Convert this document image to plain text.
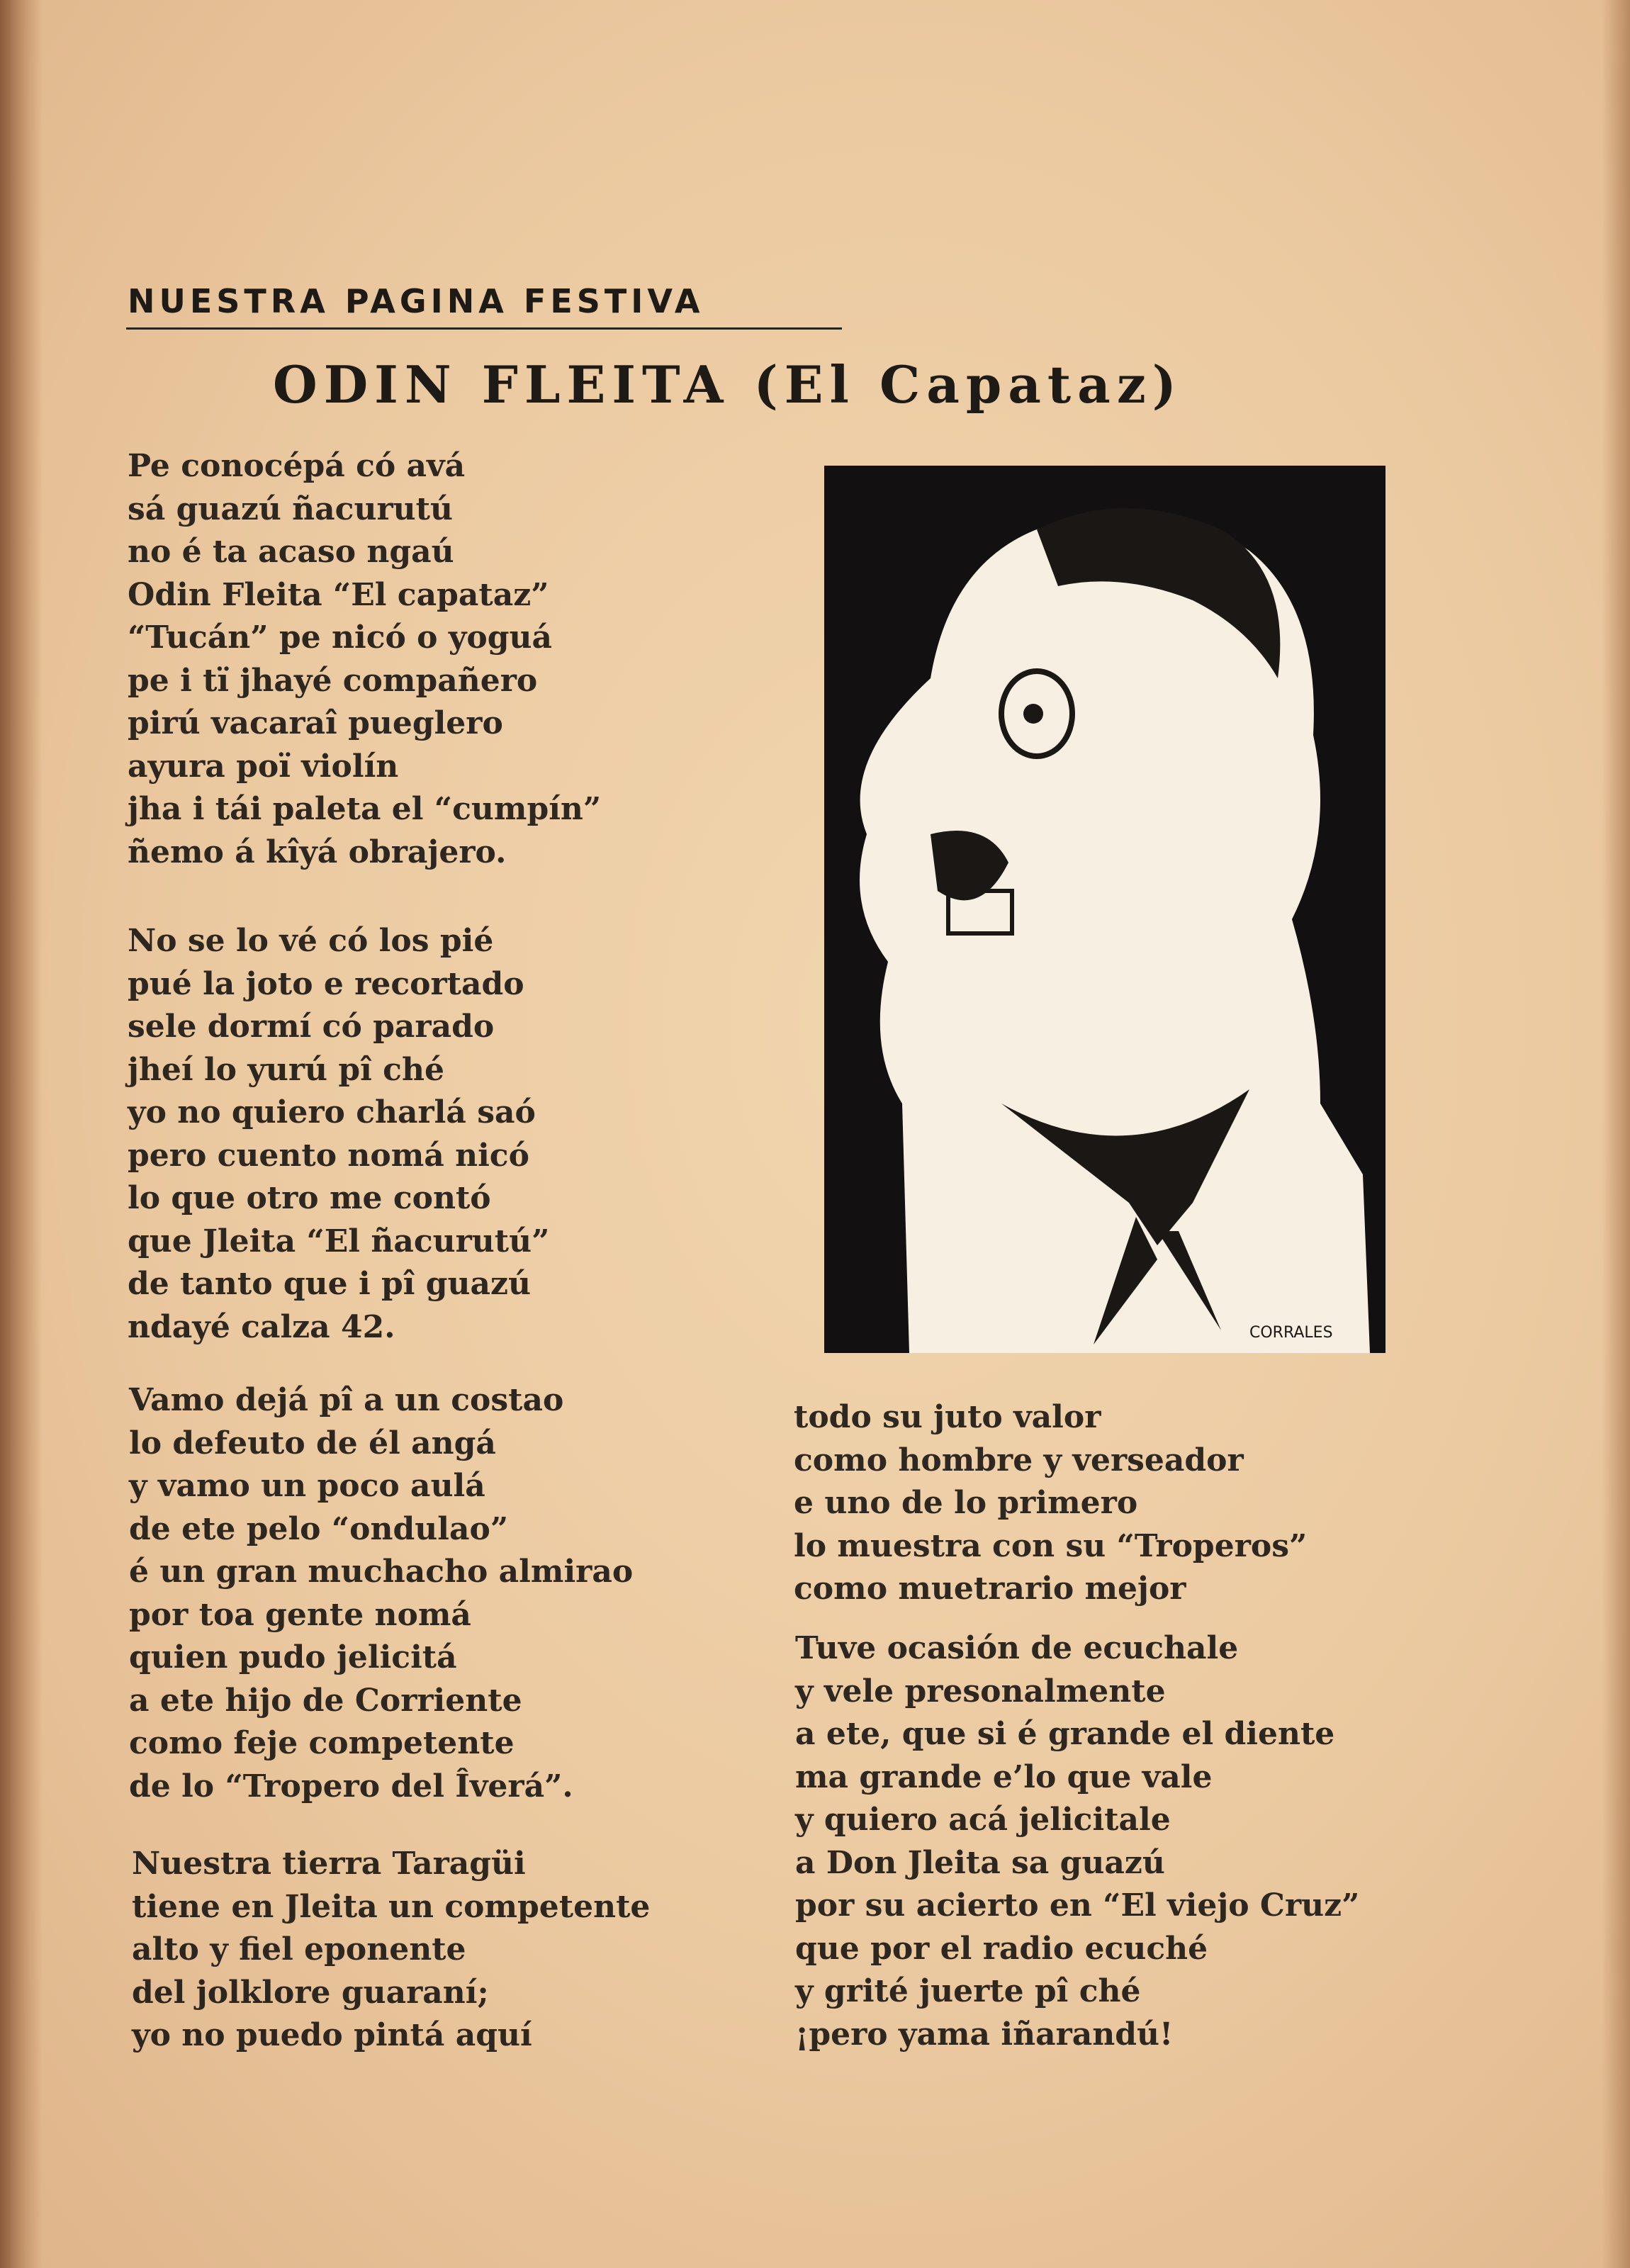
NUESTRA PAGINA FESTIVA
ODIN FLEITA (El Capataz)
Pe conocépá có avá
sá guazú ñacurutú
no é ta acaso ngaú
Odin Fleita “El capataz”
“Tucán” pe nicó o yoguá
pe i tï jhayé compañero
pirú vacaraî pueglero
ayura poï violín
jha i tái paleta el “cumpín”
ñemo á kîyá obrajero.
No se lo vé có los pié
pué la joto e recortado
sele dormí có parado
jheí lo yurú pî ché
yo no quiero charlá saó
pero cuento nomá nicó
lo que otro me contó
que Jleita “El ñacurutú”
de tanto que i pî guazú
ndayé calza 42.
Vamo dejá pî a un costao
lo defeuto de él angá
y vamo un poco aulá
de ete pelo “ondulao”
é un gran muchacho almirao
por toa gente nomá
quien pudo jelicitá
a ete hijo de Corriente
como feje competente
de lo “Tropero del Îverá”.
Nuestra tierra Taragüi
tiene en Jleita un competente
alto y fiel eponente
del jolklore guaraní;
yo no puedo pintá aquí
todo su juto valor
como hombre y verseador
e uno de lo primero
lo muestra con su “Troperos”
como muetrario mejor
Tuve ocasión de ecuchale
y vele presonalmente
a ete, que si é grande el diente
ma grande e’lo que vale
y quiero acá jelicitale
a Don Jleita sa guazú
por su acierto en “El viejo Cruz”
que por el radio ecuché
y grité juerte pî ché
¡pero yama iñarandú!
CORRALES
